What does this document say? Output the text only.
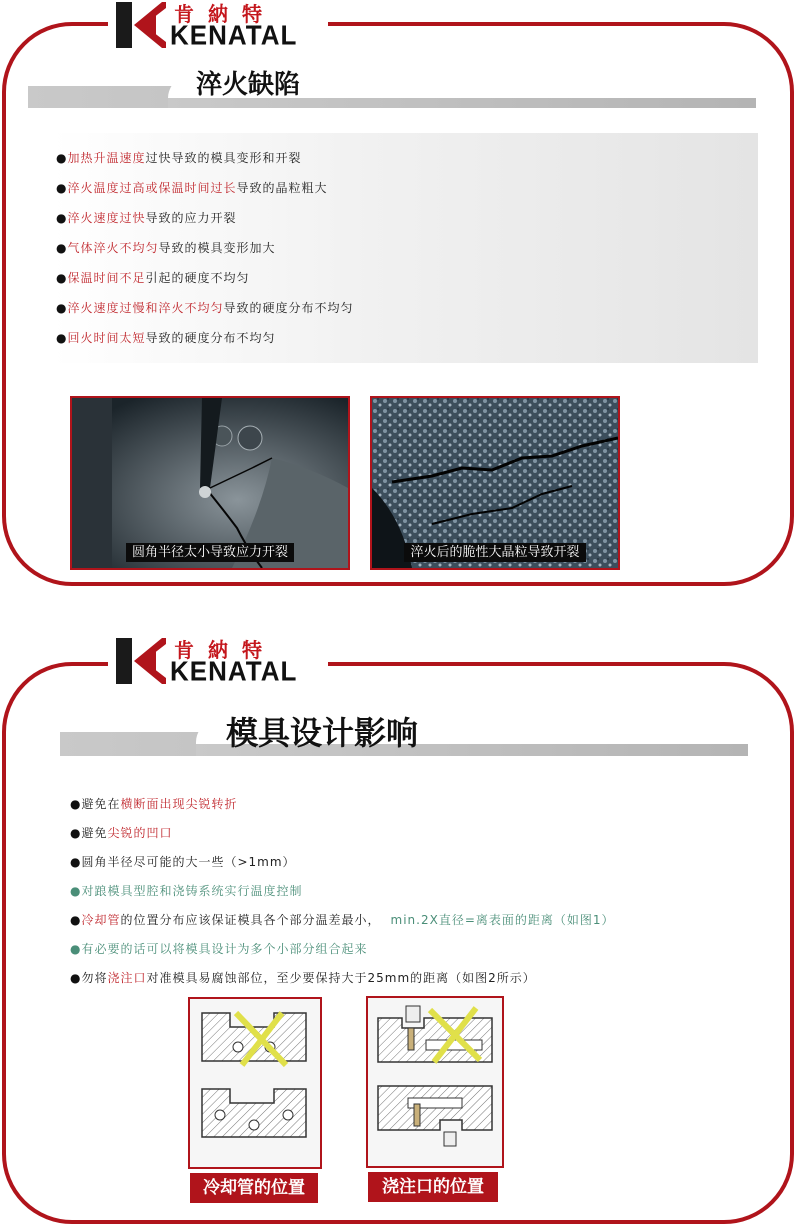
肯納特
KENATAL
淬火缺陷
●加热升温速度过快导致的模具变形和开裂
●淬火温度过高或保温时间过长导致的晶粒粗大
●淬火速度过快导致的应力开裂
●气体淬火不均匀导致的模具变形加大
●保温时间不足引起的硬度不均匀
●淬火速度过慢和淬火不均匀导致的硬度分布不均匀
●回火时间太短导致的硬度分布不均匀
圆角半径太小导致应力开裂	淬火后的脆性大晶粒导致开裂
肯納特
KENATAL
模具设计影响
●避免在横断面出现尖锐转折
●避免尖锐的凹口
●圆角半径尽可能的大一些（>1mm）
●对踉模具型腔和浇铸系统实行温度控制
●冷却管的位置分布应该保证模具各个部分温差最小， min.2X直径=离表面的距离（如图1）
●有必要的话可以将模具设计为多个小部分组合起来
●勿将浇注口对准模具易腐蚀部位，至少要保持大于25mm的距离（如图2所示）
冷却管的位置	浇注口的位置
